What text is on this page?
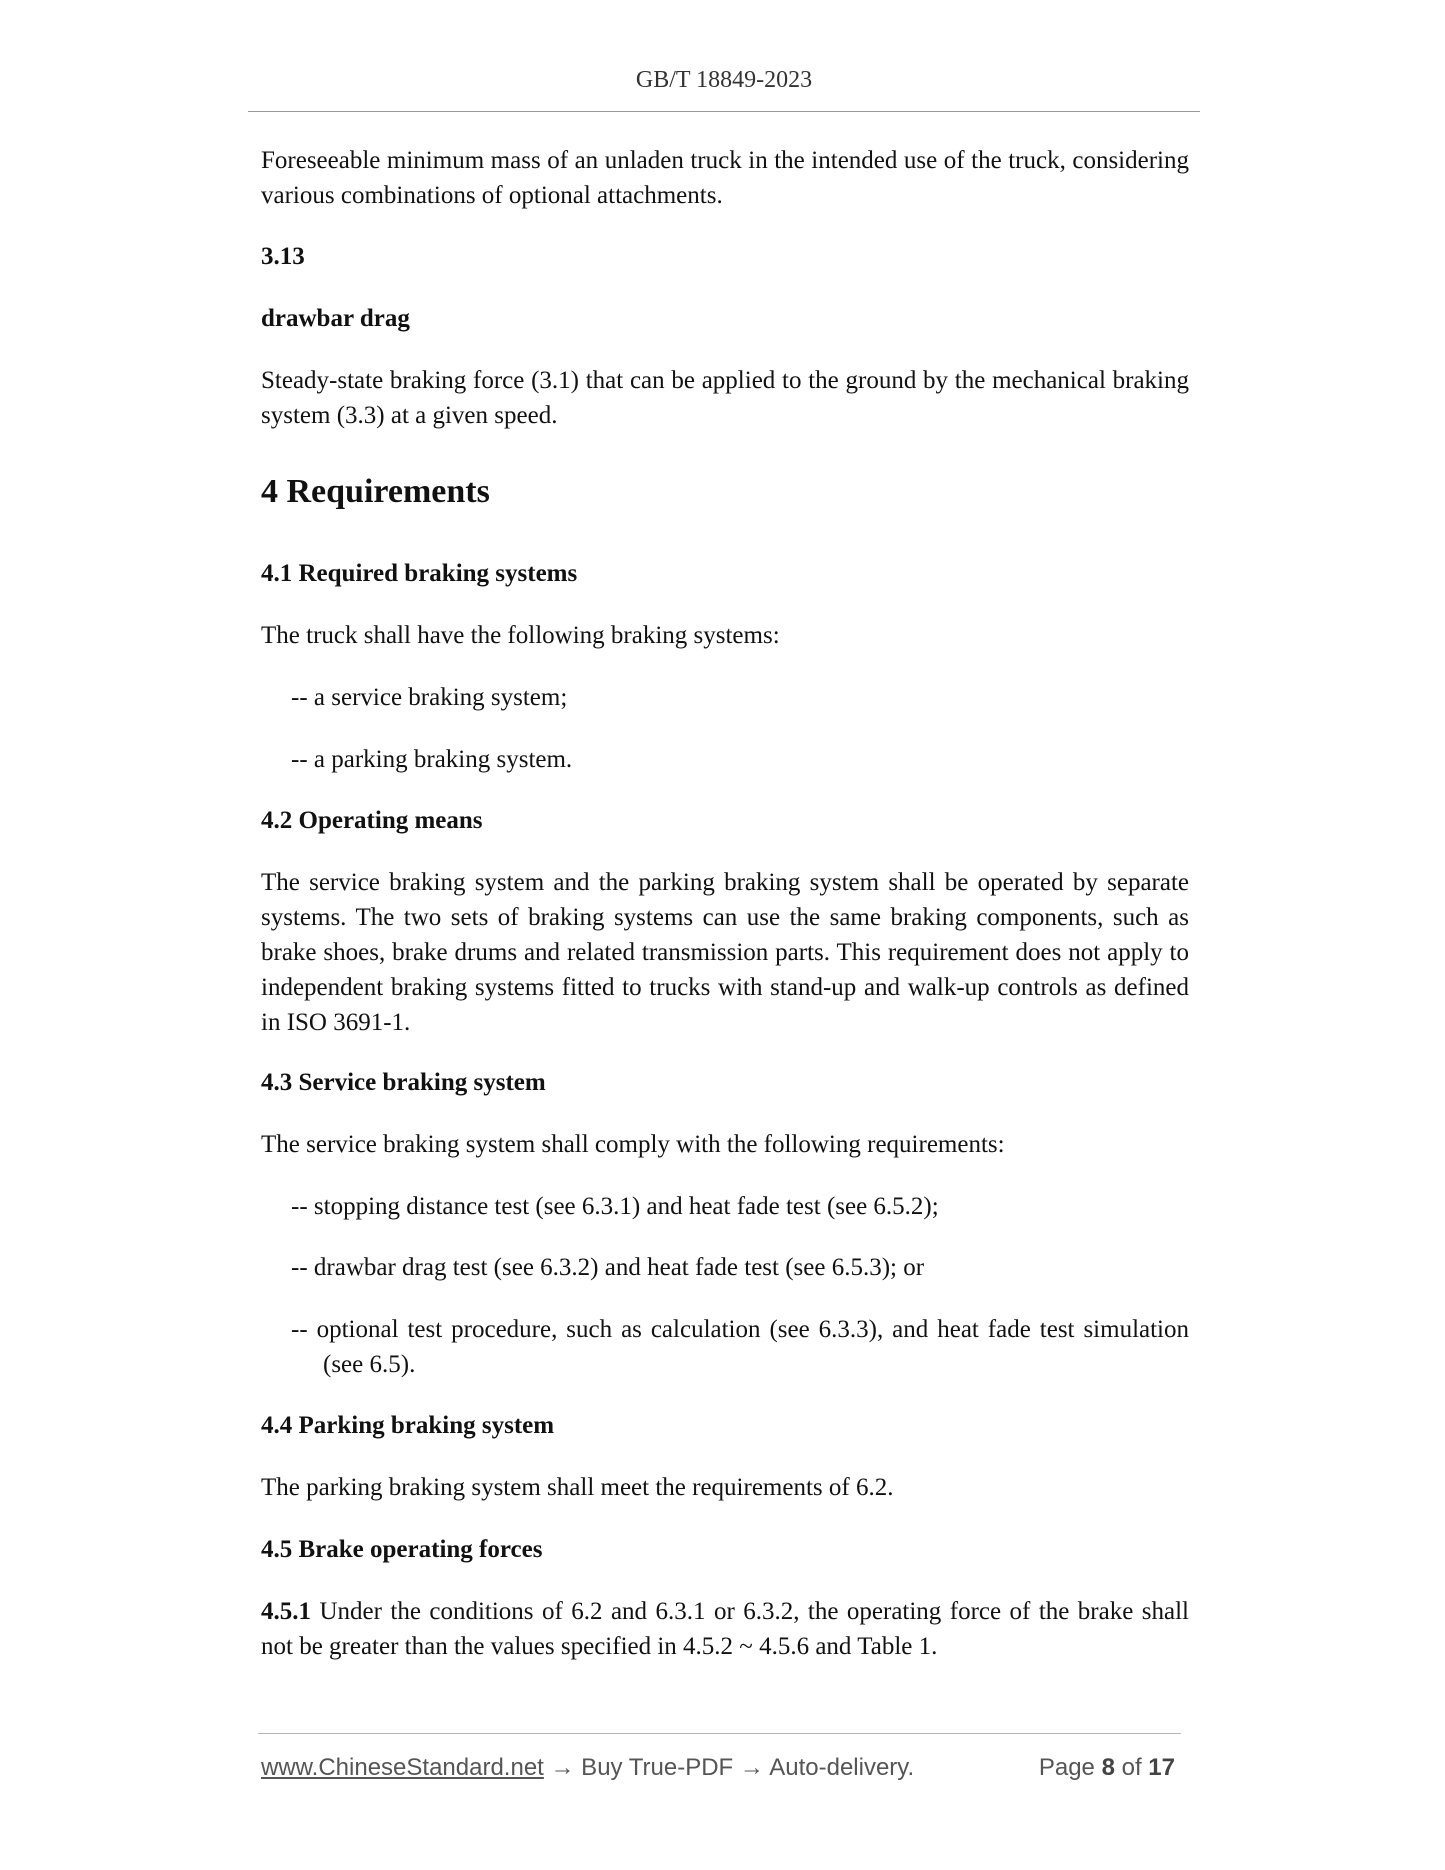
GB/T 18849-2023

Foreseeable minimum mass of an unladen truck in the intended use of the truck, considering various combinations of optional attachments.

3.13

drawbar drag

Steady-state braking force (3.1) that can be applied to the ground by the mechanical braking system (3.3) at a given speed.

4 Requirements

4.1 Required braking systems

The truck shall have the following braking systems:

-- a service braking system;

-- a parking braking system.

4.2 Operating means

The service braking system and the parking braking system shall be operated by separate systems. The two sets of braking systems can use the same braking components, such as brake shoes, brake drums and related transmission parts. This requirement does not apply to independent braking systems fitted to trucks with stand-up and walk-up controls as defined in ISO 3691-1.

4.3 Service braking system

The service braking system shall comply with the following requirements:

-- stopping distance test (see 6.3.1) and heat fade test (see 6.5.2);

-- drawbar drag test (see 6.3.2) and heat fade test (see 6.5.3); or

-- optional test procedure, such as calculation (see 6.3.3), and heat fade test simulation (see 6.5).

4.4 Parking braking system

The parking braking system shall meet the requirements of 6.2.

4.5 Brake operating forces

4.5.1 Under the conditions of 6.2 and 6.3.1 or 6.3.2, the operating force of the brake shall not be greater than the values specified in 4.5.2 ~ 4.5.6 and Table 1.

www.ChineseStandard.net → Buy True-PDF → Auto-delivery.	Page 8 of 17
